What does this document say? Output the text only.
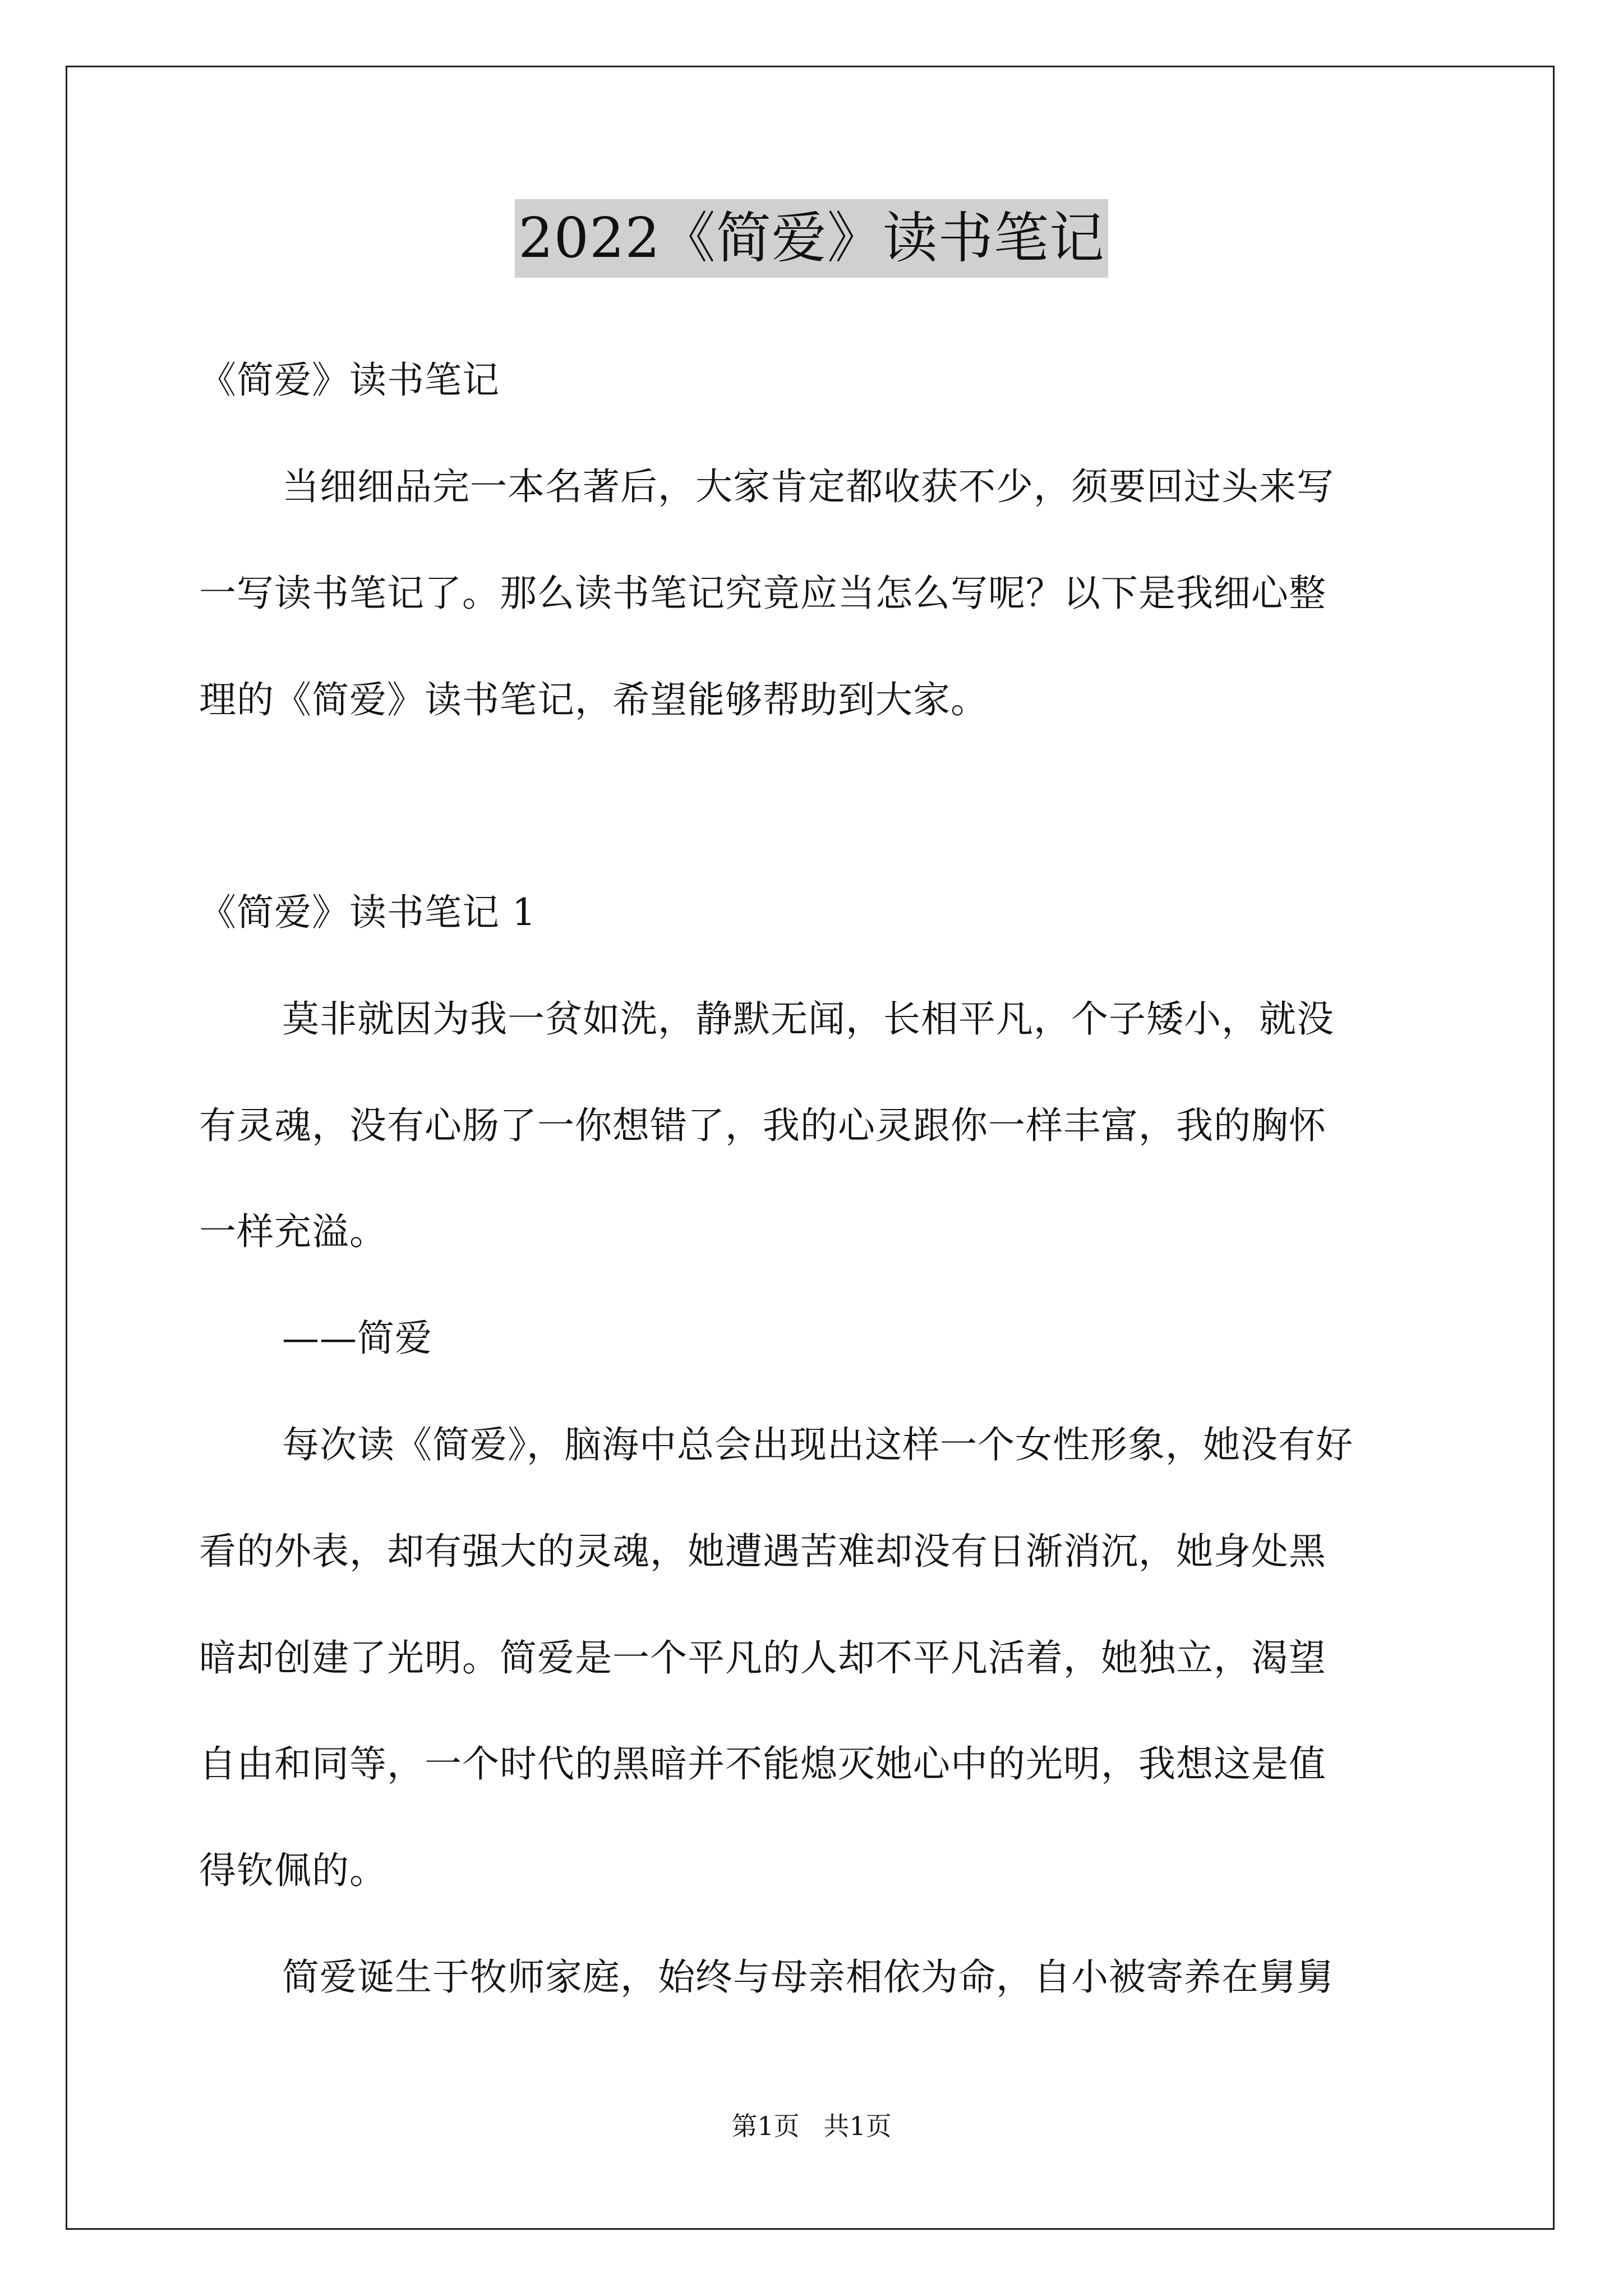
2022《简爱》读书笔记
《简爱》读书笔记
当细细品完一本名著后，大家肯定都收获不少，须要回过头来写
一写读书笔记了。那么读书笔记究竟应当怎么写呢？以下是我细心整
理的《简爱》读书笔记，希望能够帮助到大家。
《简爱》读书笔记 1
莫非就因为我一贫如洗，静默无闻，长相平凡，个子矮小，就没
有灵魂，没有心肠了一你想错了，我的心灵跟你一样丰富，我的胸怀
一样充溢。
——简爱
每次读《简爱》，脑海中总会出现出这样一个女性形象，她没有好
看的外表，却有强大的灵魂，她遭遇苦难却没有日渐消沉，她身处黑
暗却创建了光明。简爱是一个平凡的人却不平凡活着，她独立，渴望
自由和同等，一个时代的黑暗并不能熄灭她心中的光明，我想这是值
得钦佩的。
简爱诞生于牧师家庭，始终与母亲相依为命，自小被寄养在舅舅
第1页 共1页
